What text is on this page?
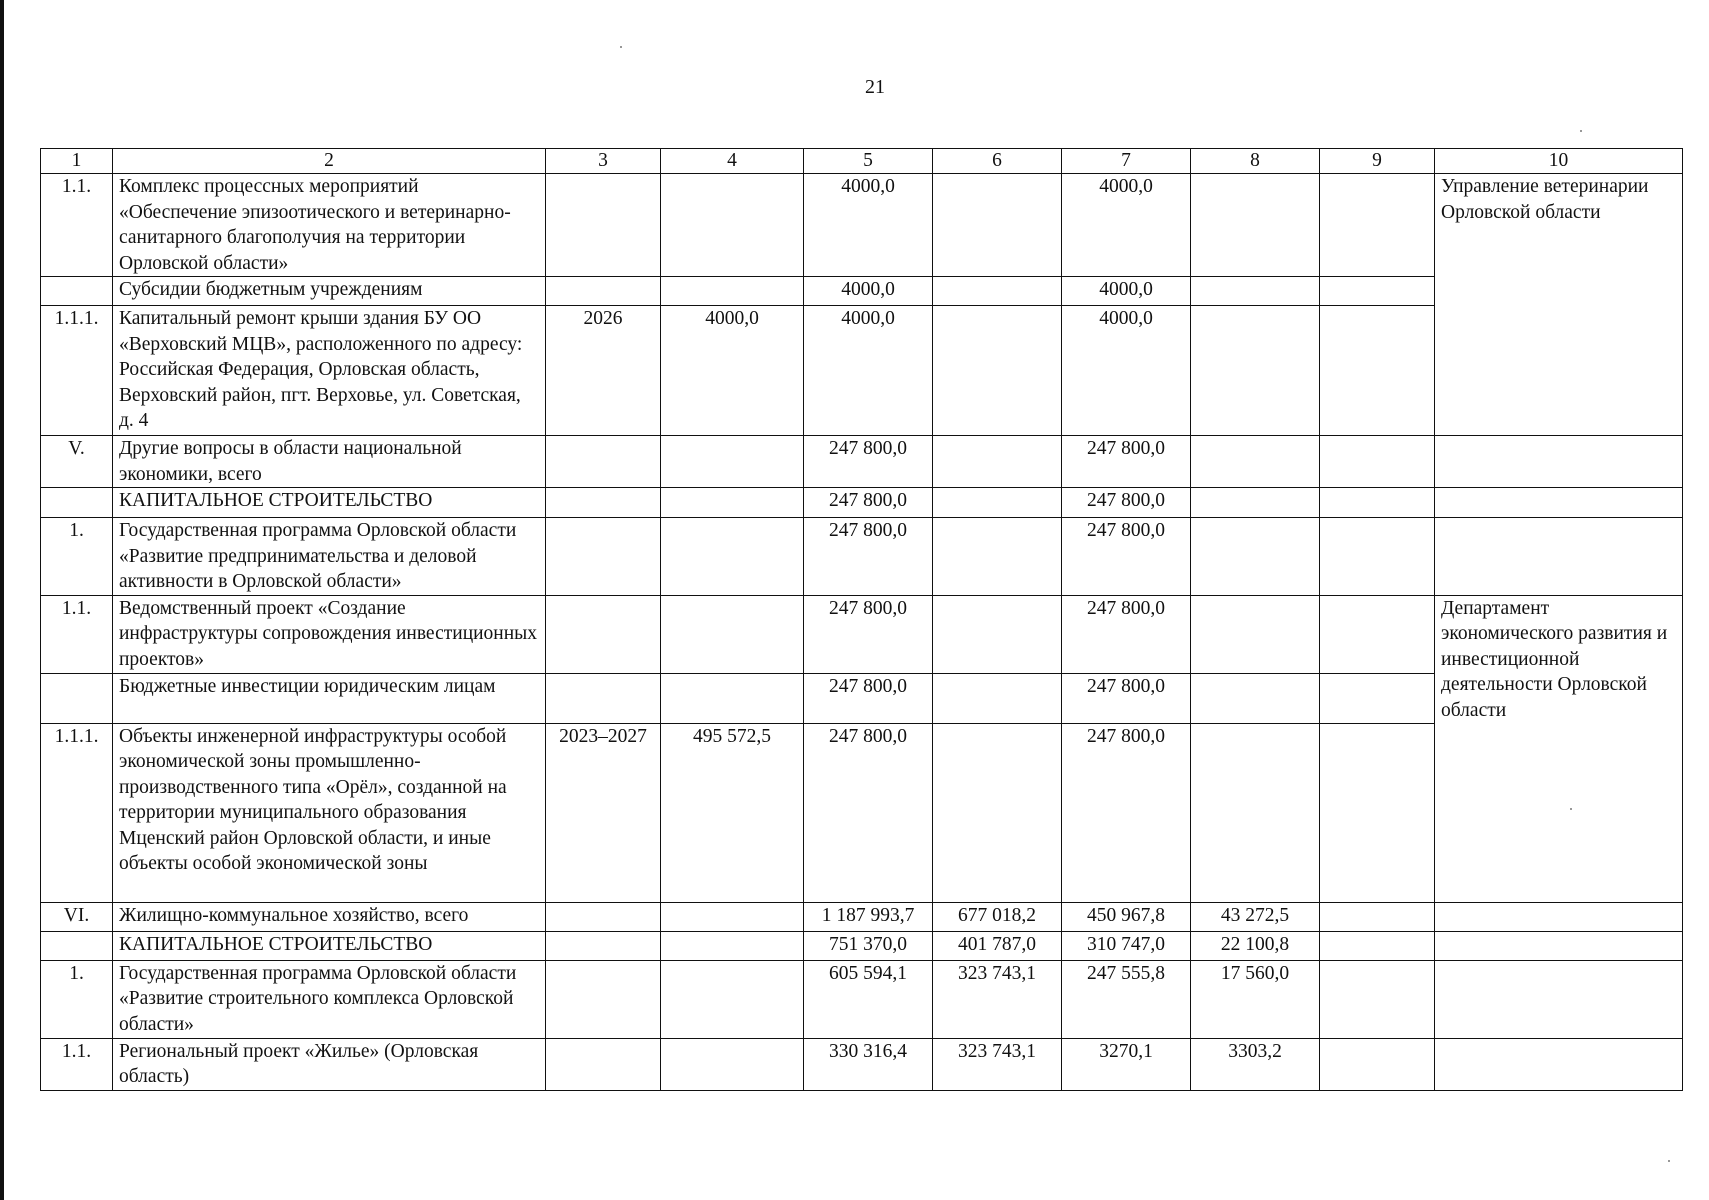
21
1	2	3	4	5	6	7	8	9	10
1.1.	Комплекс процессных мероприятий «Обеспечение эпизоотического и ветеринарно-санитарного благополучия на территории Орловской области»			4000,0		4000,0			Управление ветеринарии Орловской области
	Субсидии бюджетным учреждениям			4000,0		4000,0			
1.1.1.	Капитальный ремонт крыши здания БУ ОО «Верховский МЦВ», расположенного по адресу: Российская Федерация, Орловская область, Верховский район, пгт. Верховье, ул. Советская, д. 4	2026	4000,0	4000,0		4000,0			
V.	Другие вопросы в области национальной экономики, всего			247 800,0		247 800,0			
	КАПИТАЛЬНОЕ СТРОИТЕЛЬСТВО			247 800,0		247 800,0			
1.	Государственная программа Орловской области «Развитие предпринимательства и деловой активности в Орловской области»			247 800,0		247 800,0			
1.1.	Ведомственный проект «Создание инфраструктуры сопровождения инвестиционных проектов»			247 800,0		247 800,0			Департамент экономического развития и инвестиционной деятельности Орловской области
	Бюджетные инвестиции юридическим лицам			247 800,0		247 800,0			
1.1.1.	Объекты инженерной инфраструктуры особой экономической зоны промышленно-производственного типа «Орёл», созданной на территории муниципального образования Мценский район Орловской области, и иные объекты особой экономической зоны	2023–2027	495 572,5	247 800,0		247 800,0			
VI.	Жилищно-коммунальное хозяйство, всего			1 187 993,7	677 018,2	450 967,8	43 272,5		
	КАПИТАЛЬНОЕ СТРОИТЕЛЬСТВО			751 370,0	401 787,0	310 747,0	22 100,8		
1.	Государственная программа Орловской области «Развитие строительного комплекса Орловской области»			605 594,1	323 743,1	247 555,8	17 560,0		
1.1.	Региональный проект «Жилье» (Орловская область)			330 316,4	323 743,1	3270,1	3303,2		
